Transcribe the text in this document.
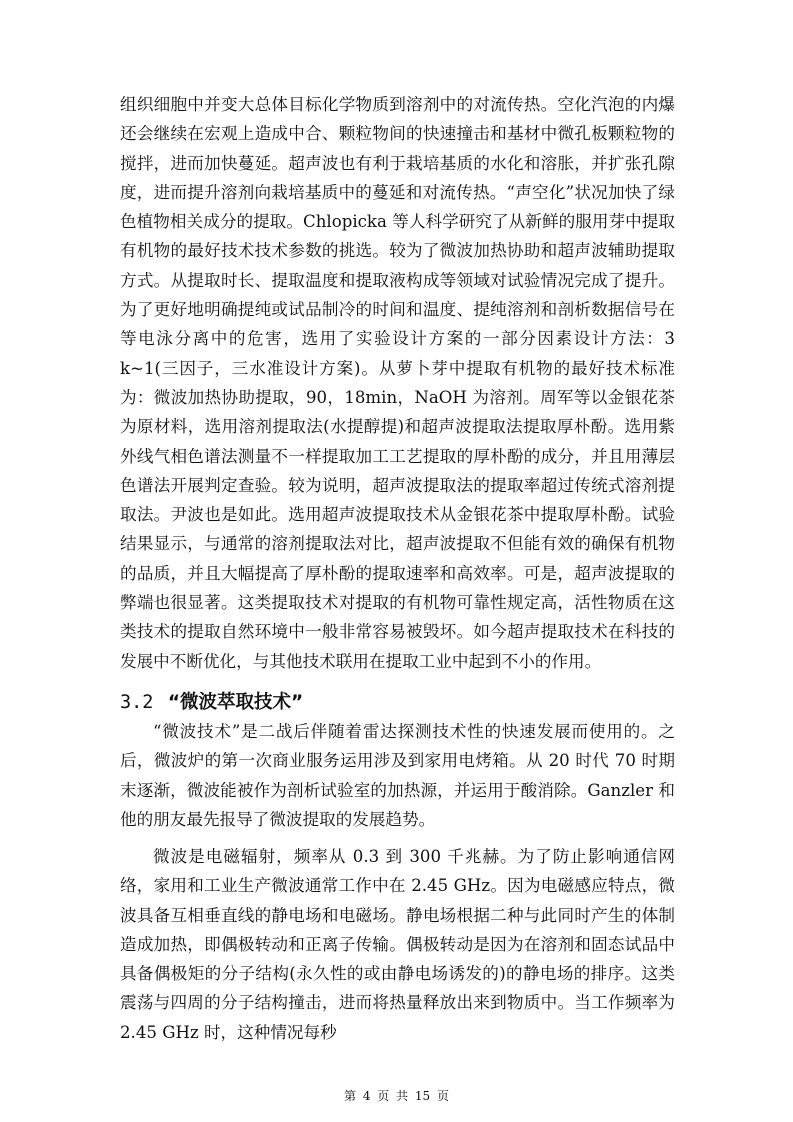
组织细胞中并变大总体目标化学物质到溶剂中的对流传热。空化汽泡的内爆还会继续在宏观上造成中合、颗粒物间的快速撞击和基材中微孔板颗粒物的搅拌，进而加快蔓延。超声波也有利于栽培基质的水化和溶胀，并扩张孔隙度，进而提升溶剂向栽培基质中的蔓延和对流传热。“声空化”状况加快了绿色植物相关成分的提取。Chlopicka 等人科学研究了从新鲜的服用芽中提取有机物的最好技术技术参数的挑选。较为了微波加热协助和超声波辅助提取方式。从提取时长、提取温度和提取液构成等领域对试验情况完成了提升。为了更好地明确提纯或试品制冷的时间和温度、提纯溶剂和剖析数据信号在等电泳分离中的危害，选用了实验设计方案的一部分因素设计方法：3 k~1(三因子，三水准设计方案)。从萝卜芽中提取有机物的最好技术标准为：微波加热协助提取，90，18min，NaOH 为溶剂。周军等以金银花茶为原材料，选用溶剂提取法(水提醇提)和超声波提取法提取厚朴酚。选用紫外线气相色谱法测量不一样提取加工工艺提取的厚朴酚的成分，并且用薄层色谱法开展判定查验。较为说明，超声波提取法的提取率超过传统式溶剂提取法。尹波也是如此。选用超声波提取技术从金银花茶中提取厚朴酚。试验结果显示，与通常的溶剂提取法对比，超声波提取不但能有效的确保有机物的品质，并且大幅提高了厚朴酚的提取速率和高效率。可是，超声波提取的弊端也很显著。这类提取技术对提取的有机物可靠性规定高，活性物质在这类技术的提取自然环境中一般非常容易被毁坏。如今超声提取技术在科技的发展中不断优化，与其他技术联用在提取工业中起到不小的作用。

3.2 “微波萃取技术”

“微波技术”是二战后伴随着雷达探测技术性的快速发展而使用的。之后，微波炉的第一次商业服务运用涉及到家用电烤箱。从 20 时代 70 时期末逐渐，微波能被作为剖析试验室的加热源，并运用于酸消除。Ganzler 和他的朋友最先报导了微波提取的发展趋势。

微波是电磁辐射，频率从 0.3 到 300 千兆赫。为了防止影响通信网络，家用和工业生产微波通常工作中在 2.45 GHz。因为电磁感应特点，微波具备互相垂直线的静电场和电磁场。静电场根据二种与此同时产生的体制造成加热，即偶极转动和正离子传输。偶极转动是因为在溶剂和固态试品中具备偶极矩的分子结构(永久性的或由静电场诱发的)的静电场的排序。这类震荡与四周的分子结构撞击，进而将热量释放出来到物质中。当工作频率为 2.45 GHz 时，这种情况每秒

第 4 页 共 15 页
